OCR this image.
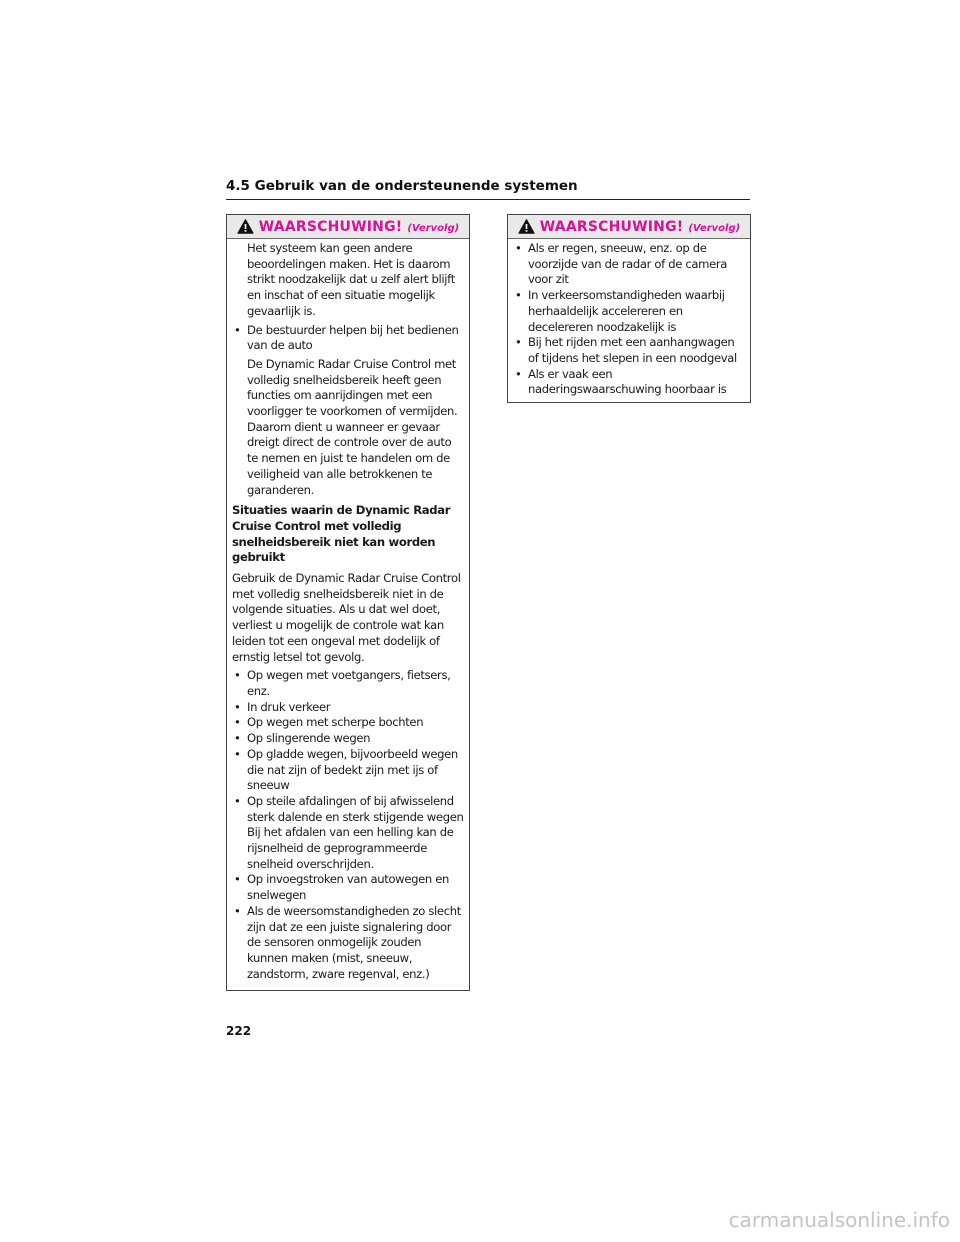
4.5 Gebruik van de ondersteunende systemen
WAARSCHUWING! (Vervolg)
Het systeem kan geen andere beoordelingen maken. Het is daarom strikt noodzakelijk dat u zelf alert blijft en inschat of een situatie mogelijk gevaarlijk is.
• De bestuurder helpen bij het bedienen van de auto
De Dynamic Radar Cruise Control met volledig snelheidsbereik heeft geen functies om aanrijdingen met een voorligger te voorkomen of vermijden. Daarom dient u wanneer er gevaar dreigt direct de controle over de auto te nemen en juist te handelen om de veiligheid van alle betrokkenen te garanderen.
Situaties waarin de Dynamic Radar Cruise Control met volledig snelheidsbereik niet kan worden gebruikt
Gebruik de Dynamic Radar Cruise Control met volledig snelheidsbereik niet in de volgende situaties. Als u dat wel doet, verliest u mogelijk de controle wat kan leiden tot een ongeval met dodelijk of ernstig letsel tot gevolg.
• Op wegen met voetgangers, fietsers, enz.
• In druk verkeer
• Op wegen met scherpe bochten
• Op slingerende wegen
• Op gladde wegen, bijvoorbeeld wegen die nat zijn of bedekt zijn met ijs of sneeuw
• Op steile afdalingen of bij afwisselend sterk dalende en sterk stijgende wegen Bij het afdalen van een helling kan de rijsnelheid de geprogrammeerde snelheid overschrijden.
• Op invoegstroken van autowegen en snelwegen
• Als de weersomstandigheden zo slecht zijn dat ze een juiste signalering door de sensoren onmogelijk zouden kunnen maken (mist, sneeuw, zandstorm, zware regenval, enz.)
WAARSCHUWING! (Vervolg)
• Als er regen, sneeuw, enz. op de voorzijde van de radar of de camera voor zit
• In verkeersomstandigheden waarbij herhaaldelijk accelereren en decelereren noodzakelijk is
• Bij het rijden met een aanhangwagen of tijdens het slepen in een noodgeval
• Als er vaak een naderingswaarschuwing hoorbaar is
222
carmanualsonline.info
